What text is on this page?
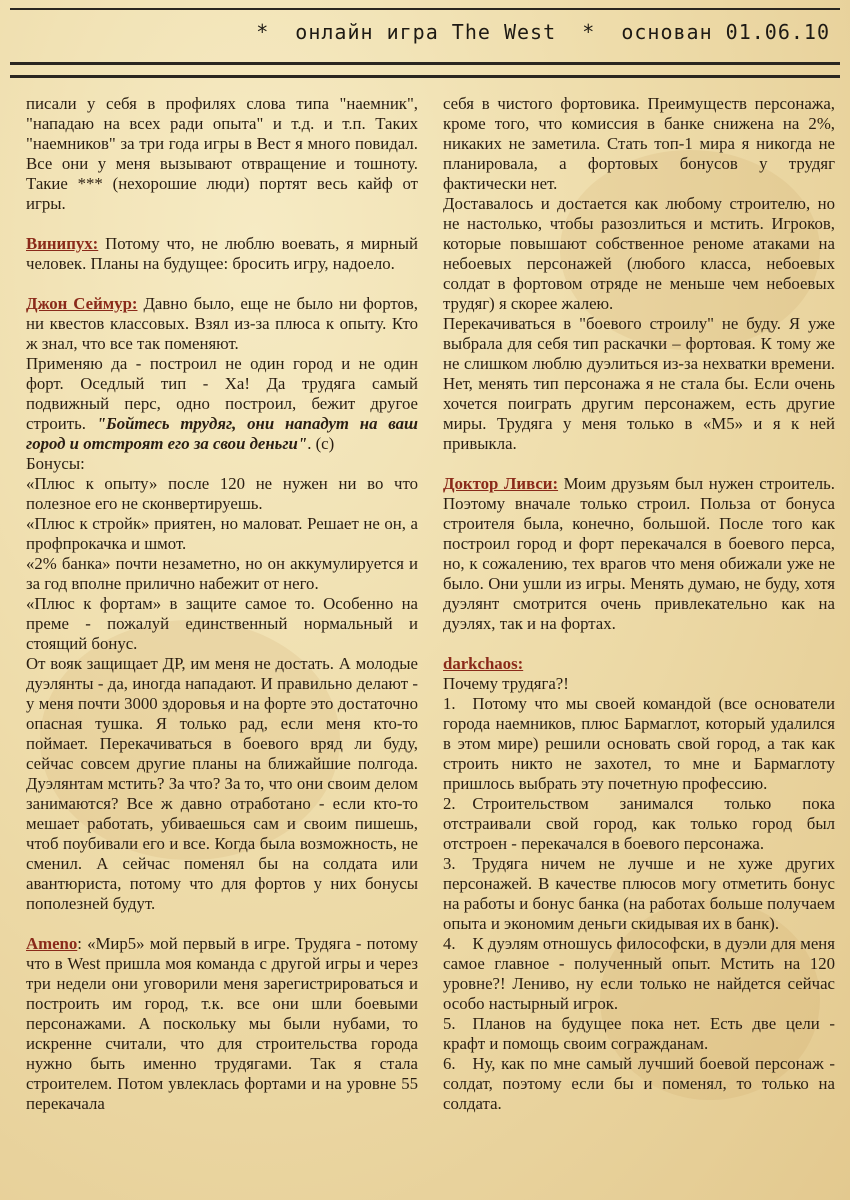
*  онлайн игра The West  *  основан 01.06.10

писали у себя в профилях слова типа "наемник", "нападаю на всех ради опыта" и т.д. и т.п. Таких "наемников" за три года игры в Вест я много повидал. Все они у меня вызывают отвращение и тошноту. Такие *** (нехорошие люди) портят весь кайф от игры.

Винипух: Потому что, не люблю воевать, я мирный человек. Планы на будущее: бросить игру, надоело.

Джон Сеймур: Давно было, еще не было ни фортов, ни квестов классовых. Взял из-за плюса к опыту. Кто ж знал, что все так поменяют.

Применяю да - построил не один город и не один форт. Оседлый тип - Ха! Да трудяга самый подвижный перс, одно построил, бежит другое строить. "Бойтесь трудяг, они нападут на ваш город и отстроят его за свои деньги". (с)

Бонусы:

«Плюс к опыту» после 120 не нужен ни во что полезное его не сконвертируешь.

«Плюс к стройк» приятен, но маловат. Решает не он, а профпрокачка и шмот.

«2% банка» почти незаметно, но он аккумулируется и за год вполне прилично набежит от него.

«Плюс к фортам» в защите самое то. Особенно на преме - пожалуй единственный нормальный и стоящий бонус.

От вояк защищает ДР, им меня не достать. А молодые дуэлянты - да, иногда нападают. И правильно делают - у меня почти 3000 здоровья и на форте это достаточно опасная тушка. Я только рад, если меня кто-то поймает. Перекачиваться в боевого вряд ли буду, сейчас совсем другие планы на ближайшие полгода. Дуэлянтам мстить? За что? За то, что они своим делом занимаются? Все ж давно отработано - если кто-то мешает работать, убиваешься сам и своим пишешь, чтоб поубивали его и все. Когда была возможность, не сменил. А сейчас поменял бы на солдата или авантюриста, потому что для фортов у них бонусы пополезней будут.

Ameno: «Мир5» мой первый в игре. Трудяга - потому что в West пришла моя команда с другой игры и через три недели они уговорили меня зарегистрироваться и построить им город, т.к. все они шли боевыми персонажами. А поскольку мы были нубами, то искренне считали, что для строительства города нужно быть именно трудягами. Так я стала строителем. Потом увлеклась фортами и на уровне 55 перекачала

себя в чистого фортовика. Преимуществ персонажа, кроме того, что комиссия в банке снижена на 2%, никаких не заметила. Стать топ-1 мира я никогда не планировала, а фортовых бонусов у трудяг фактически нет.

Доставалось и достается как любому строителю, но не настолько, чтобы разозлиться и мстить. Игроков, которые повышают собственное реноме атаками на небоевых персонажей (любого класса, небоевых солдат в фортовом отряде не меньше чем небоевых трудяг) я скорее жалею.

Перекачиваться в "боевого строилу" не буду. Я уже выбрала для себя тип раскачки – фортовая. К тому же не слишком люблю дуэлиться из-за нехватки времени. Нет, менять тип персонажа я не стала бы. Если очень хочется поиграть другим персонажем, есть другие миры. Трудяга у меня только в «М5» и я к ней привыкла.

Доктор Ливси: Моим друзьям был нужен строитель. Поэтому вначале только строил. Польза от бонуса строителя была, конечно, большой. После того как построил город и форт перекачался в боевого перса, но, к сожалению, тех врагов что меня обижали уже не было. Они ушли из игры. Менять думаю, не буду, хотя дуэлянт смотрится очень привлекательно как на дуэлях, так и на фортах.

darkchaos:

Почему трудяга?!

1. Потому что мы своей командой (все основатели города наемников, плюс Бармаглот, который удалился в этом мире) решили основать свой город, а так как строить никто не захотел, то мне и Бармаглоту пришлось выбрать эту почетную профессию.

2. Строительством занимался только пока отстраивали свой город, как только город был отстроен - перекачался в боевого персонажа.

3. Трудяга ничем не лучше и не хуже других персонажей. В качестве плюсов могу отметить бонус на работы и бонус банка (на работах больше получаем опыта и экономим деньги скидывая их в банк).

4. К дуэлям отношусь философски, в дуэли для меня самое главное - полученный опыт. Мстить на 120 уровне?! Лениво, ну если только не найдется сейчас особо настырный игрок.

5. Планов на будущее пока нет. Есть две цели - крафт и помощь своим согражданам.

6. Ну, как по мне самый лучший боевой персонаж - солдат, поэтому если бы и поменял, то только на солдата.
